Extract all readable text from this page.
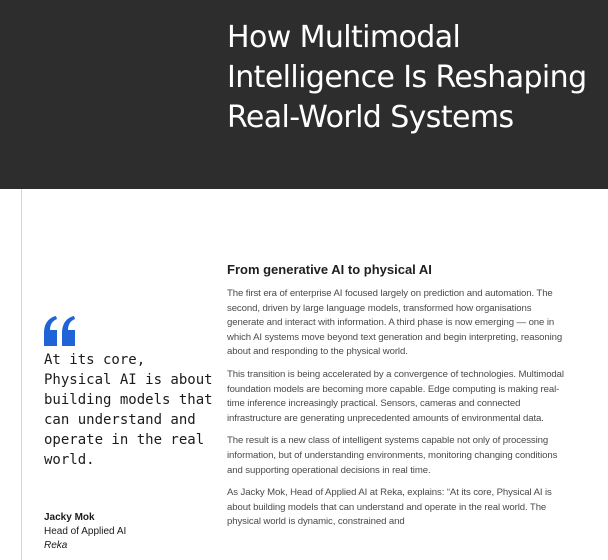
How Multimodal Intelligence Is Reshaping Real-World Systems

At its core, Physical AI is about building models that can understand and operate in the real world.

Jacky Mok
Head of Applied AI
Reka
From generative AI to physical AI

The first era of enterprise AI focused largely on prediction and automation. The second, driven by large language models, transformed how organisations generate and interact with information. A third phase is now emerging — one in which AI systems move beyond text generation and begin interpreting, reasoning about and responding to the physical world.

This transition is being accelerated by a convergence of technologies. Multimodal foundation models are becoming more capable. Edge computing is making real-time inference increasingly practical. Sensors, cameras and connected infrastructure are generating unprecedented amounts of environmental data.

The result is a new class of intelligent systems capable not only of processing information, but of understanding environments, monitoring changing conditions and supporting operational decisions in real time.

As Jacky Mok, Head of Applied AI at Reka, explains: “At its core, Physical AI is about building models that can understand and operate in the real world. The physical world is dynamic, constrained and
